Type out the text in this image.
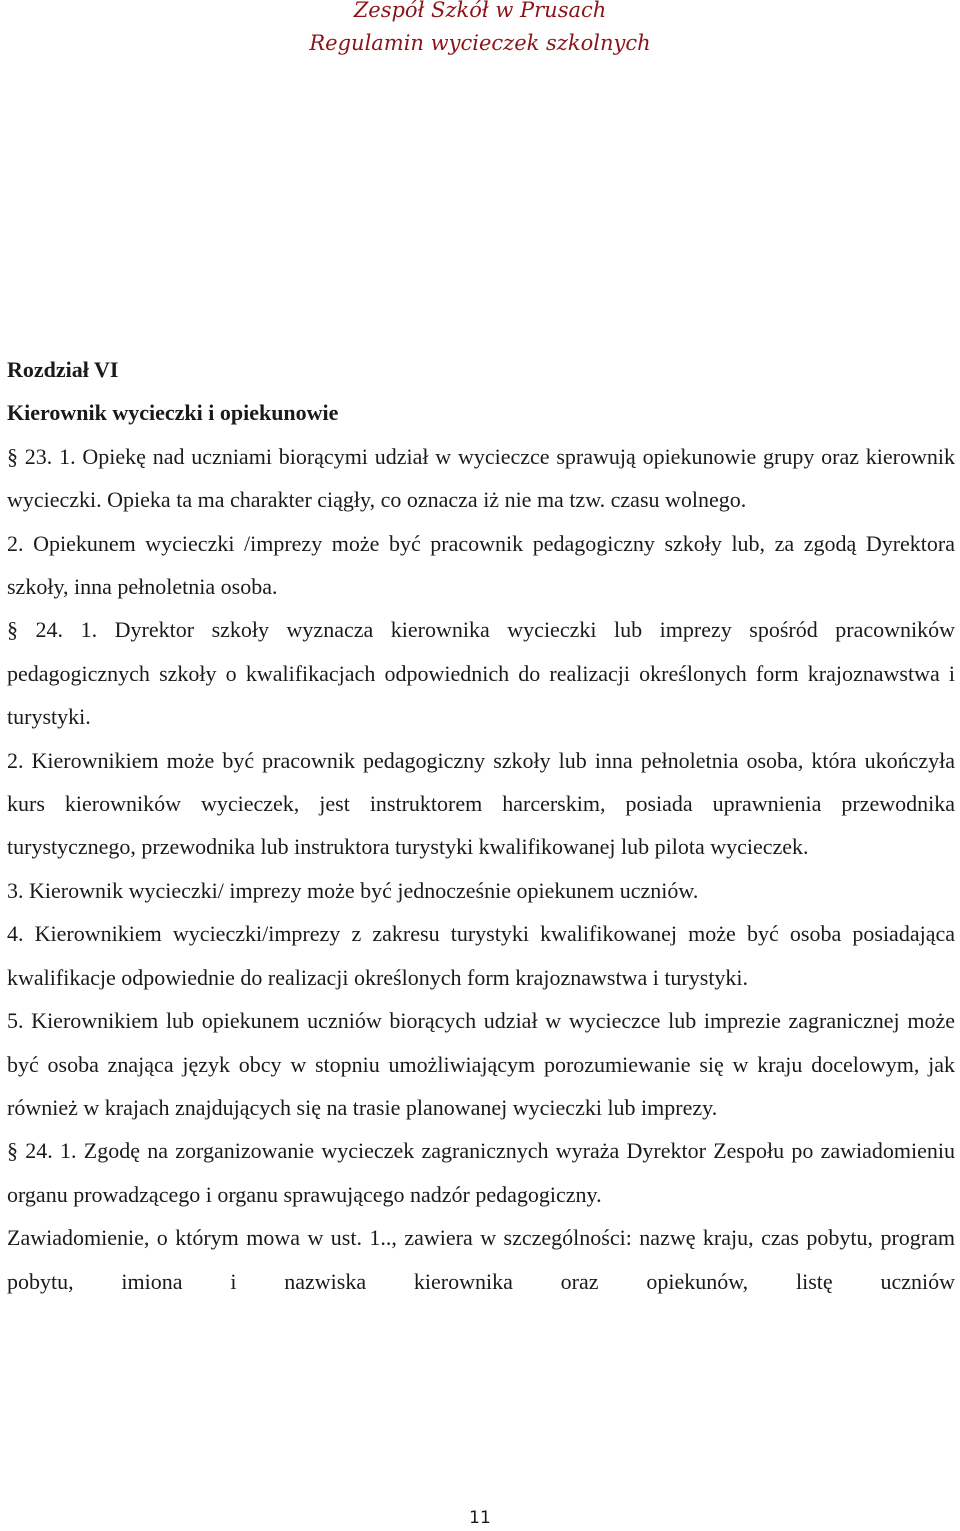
Zespół Szkół w Prusach
Regulamin wycieczek szkolnych

Rozdział VI

Kierownik wycieczki i opiekunowie

§ 23. 1. Opiekę nad uczniami biorącymi udział w wycieczce sprawują opiekunowie grupy oraz kierownik wycieczki. Opieka ta ma charakter ciągły, co oznacza iż nie ma tzw. czasu wolnego.

2. Opiekunem wycieczki /imprezy może być pracownik pedagogiczny szkoły lub, za zgodą Dyrektora szkoły, inna pełnoletnia osoba.

§ 24. 1. Dyrektor szkoły wyznacza kierownika wycieczki lub imprezy spośród pracowników pedagogicznych szkoły o kwalifikacjach odpowiednich do realizacji określonych form krajoznawstwa i turystyki.

2. Kierownikiem może być pracownik pedagogiczny szkoły lub inna pełnoletnia osoba, która ukończyła kurs kierowników wycieczek, jest instruktorem harcerskim, posiada uprawnienia przewodnika turystycznego, przewodnika lub instruktora turystyki kwalifikowanej lub pilota wycieczek.

3. Kierownik wycieczki/ imprezy może być jednocześnie opiekunem uczniów.

4. Kierownikiem wycieczki/imprezy z zakresu turystyki kwalifikowanej może być osoba posiadająca kwalifikacje odpowiednie do realizacji określonych form krajoznawstwa i turystyki.

5. Kierownikiem lub opiekunem uczniów biorących udział w wycieczce lub imprezie zagranicznej może być osoba znająca język obcy w stopniu umożliwiającym porozumiewanie się w kraju docelowym, jak również w krajach znajdujących się na trasie planowanej wycieczki lub imprezy.

§ 24. 1. Zgodę na zorganizowanie wycieczek zagranicznych wyraża Dyrektor Zespołu po zawiadomieniu organu prowadzącego i organu sprawującego nadzór pedagogiczny.

Zawiadomienie, o którym mowa w ust. 1.., zawiera w szczególności: nazwę kraju, czas pobytu, program pobytu, imiona i nazwiska kierownika oraz opiekunów, listę uczniów

11
